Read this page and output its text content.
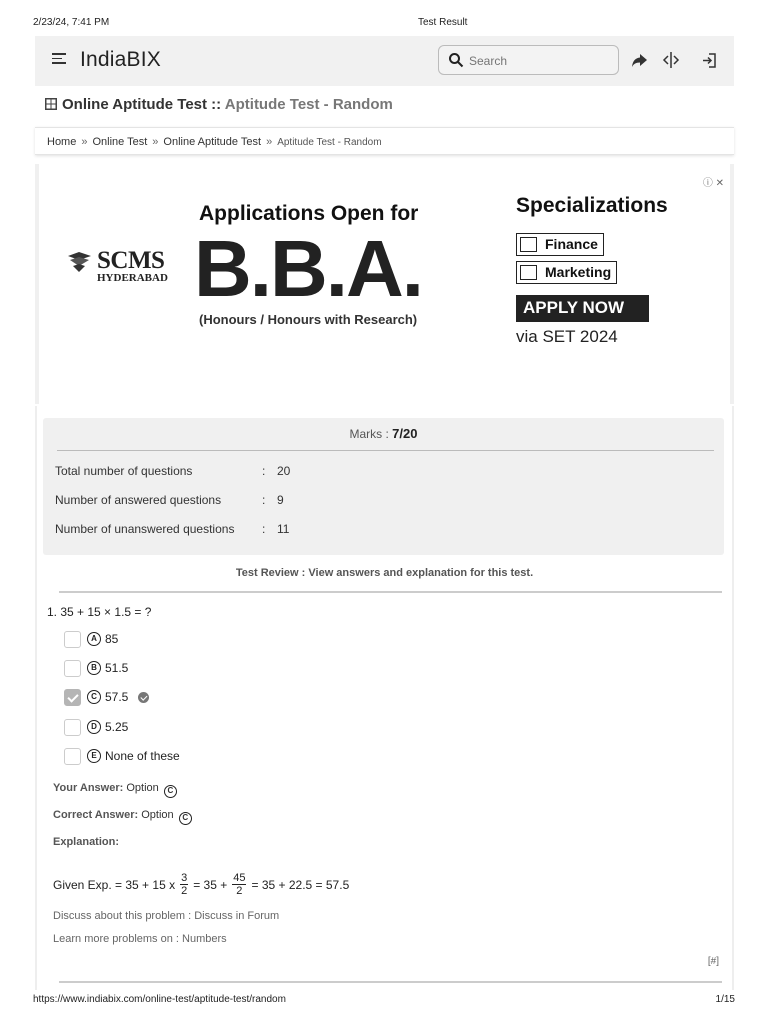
2/23/24, 7:41 PM	Test Result
IndiaBIX
Search
Online Aptitude Test :: Aptitude Test - Random
Home » Online Test » Online Aptitude Test » Aptitude Test - Random
ⓘ ✕
SCMS
HYDERABAD
Applications Open for
B.B.A.
(Honours / Honours with Research)
Specializations
Finance
Marketing
APPLY NOW
via SET 2024
Marks : 7/20
Total number of questions	: 20
Number of answered questions	: 9
Number of unanswered questions : 11
Test Review : View answers and explanation for this test.
1. 35 + 15 × 1.5 = ?
A 85
B 51.5
C 57.5
D 5.25
E None of these
Your Answer: Option C
Correct Answer: Option C
Explanation:
Given Exp. = 35 + 15 x $\frac{3}{2} = 35 + \frac{45}{2} = 35 + 22.5 = 57.5$
Discuss about this problem : Discuss in Forum
Learn more problems on : Numbers
[#]
https://www.indiabix.com/online-test/aptitude-test/random	1/15
